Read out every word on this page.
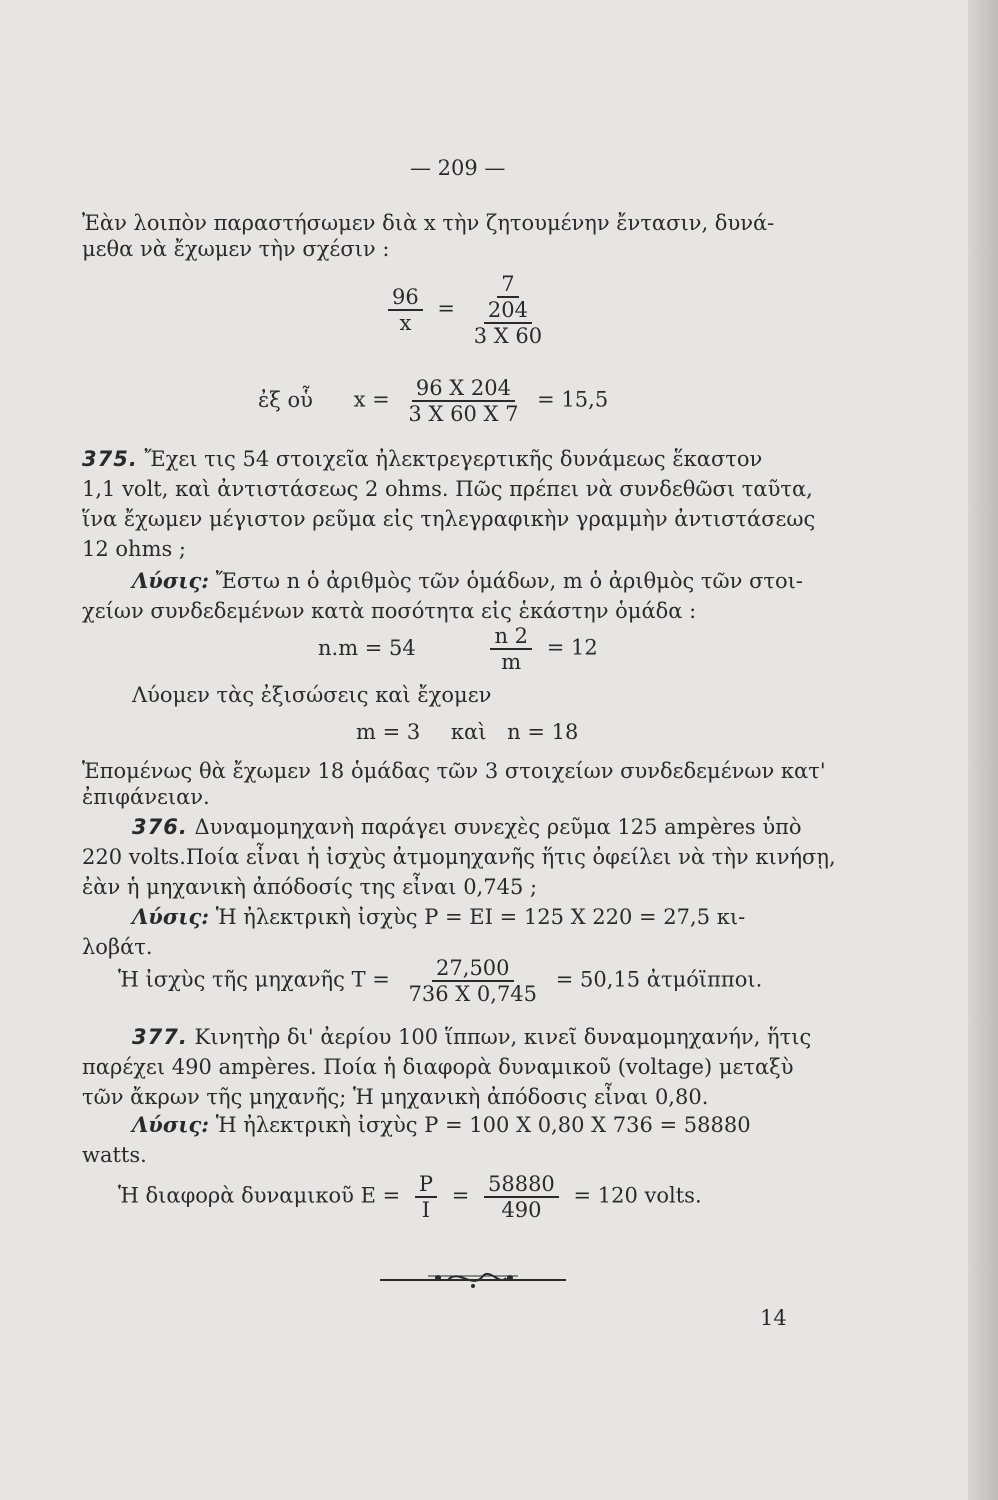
— 209 —
Ἐὰν λοιπὸν παραστήσωμεν διὰ x τὴν ζητουμένην ἔντασιν, δυνά-
μεθα νὰ ἔχωμεν τὴν σχέσιν :
$\frac{96}{x}$ =
7
204
3 X 60
ἐξ οὗ $x = \frac{96 X 204}{3 X 60 X 7} = 15,5$
375. Ἔχει τις 54 στοιχεῖα ἠλεκτρεγερτικῆς δυνάμεως ἕκαστον
1,1 volt, καὶ ἀντιστάσεως 2 ohms. Πῶς πρέπει νὰ συνδεθῶσι ταῦτα,
ἵνα ἔχωμεν μέγιστον ρεῦμα εἰς τηλεγραφικὴν γραμμὴν ἀντιστάσεως
12 ohms ;
Λύσις: Ἔστω n ὁ ἀριθμὸς τῶν ὁμάδων, m ὁ ἀριθμὸς τῶν στοι-
χείων συνδεδεμένων κατὰ ποσότητα εἰς ἑκάστην ὁμάδα :
n.m = 54	$\frac{n 2}{m} = 12$
Λύομεν τὰς ἐξισώσεις καὶ ἔχομεν
m = 3 καὶ n = 18
Ἑπομένως θὰ ἔχωμεν 18 ὁμάδας τῶν 3 στοιχείων συνδεδεμένων κατ'
ἐπιφάνειαν.
376. Δυναμομηχανὴ παράγει συνεχὲς ρεῦμα 125 ampères ὑπὸ
220 volts.Ποία εἶναι ἡ ἰσχὺς ἀτμομηχανῆς ἥτις ὀφείλει νὰ τὴν κινήσῃ,
ἐὰν ἡ μηχανικὴ ἀπόδοσίς της εἶναι 0,745 ;
Λύσις: Ἡ ἠλεκτρικὴ ἰσχὺς P = EI = 125 X 220 = 27,5 κι-
λοβάτ.
Ἡ ἰσχὺς τῆς μηχανῆς $T = \frac{27,500}{736 X 0,745} = 50,15$ ἀτμόϊπποι.
377. Κινητὴρ δι' ἀερίου 100 ἵππων, κινεῖ δυναμομηχανήν, ἥτις
παρέχει 490 ampères. Ποία ἡ διαφορὰ δυναμικοῦ (voltage) μεταξὺ
τῶν ἄκρων τῆς μηχανῆς; Ἡ μηχανικὴ ἀπόδοσις εἶναι 0,80.
Λύσις: Ἡ ἠλεκτρικὴ ἰσχὺς P = 100 X 0,80 X 736 = 58880
watts.
Ἡ διαφορὰ δυναμικοῦ $E = \frac{P}{I} = \frac{58880}{490} = 120$ volts.
14
